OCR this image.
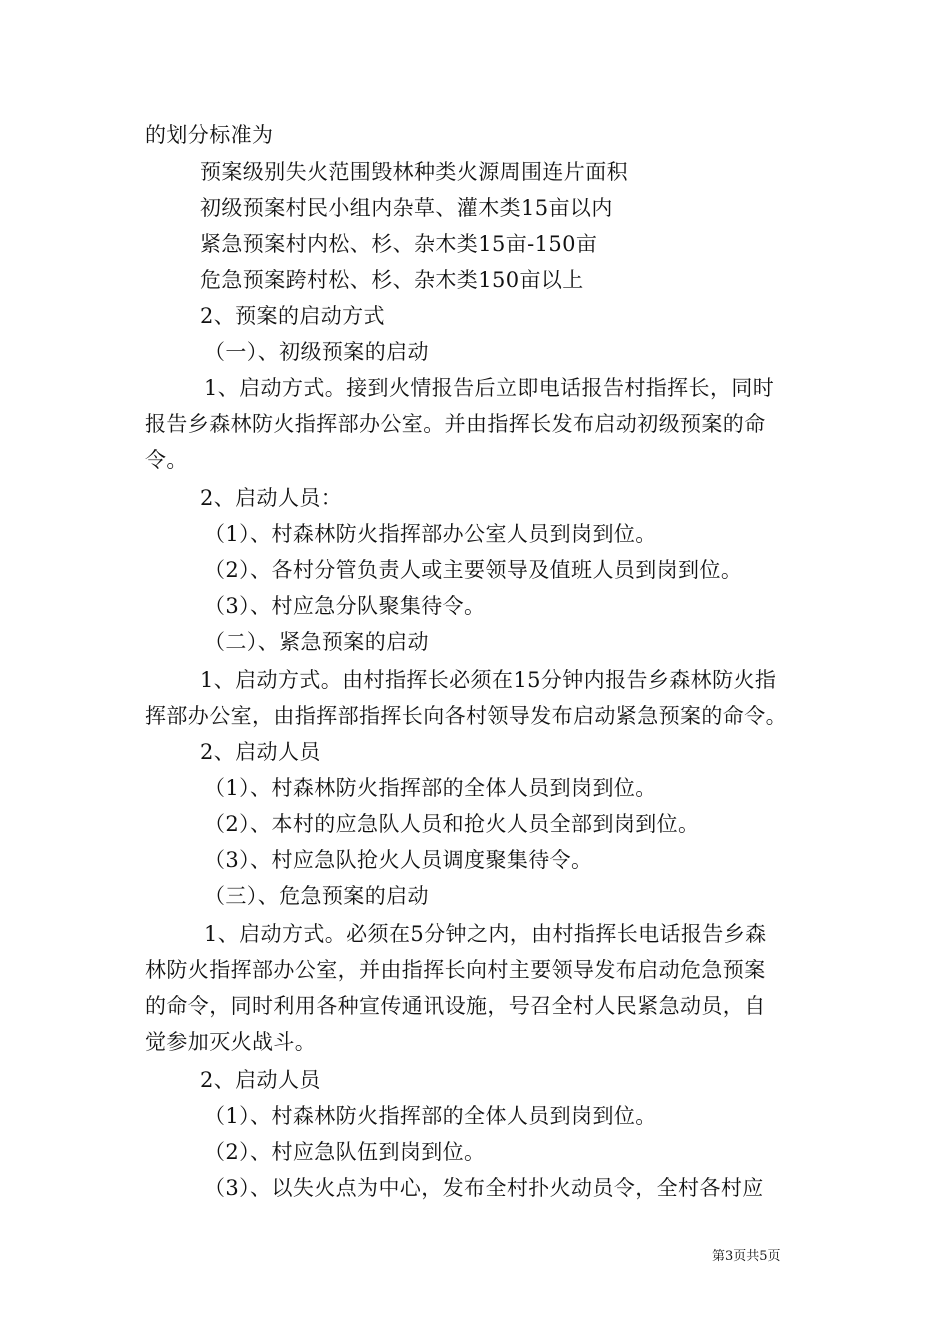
的划分标准为
预案级别失火范围毁林种类火源周围连片面积
初级预案村民小组内杂草、灌木类15亩以内
紧急预案村内松、杉、杂木类15亩-150亩
危急预案跨村松、杉、杂木类150亩以上
2、预案的启动方式
（一）、初级预案的启动
1、启动方式。接到火情报告后立即电话报告村指挥长，同时
报告乡森林防火指挥部办公室。并由指挥长发布启动初级预案的命
令。
2、启动人员：
（1）、村森林防火指挥部办公室人员到岗到位。
（2）、各村分管负责人或主要领导及值班人员到岗到位。
（3）、村应急分队聚集待令。
（二）、紧急预案的启动
1、启动方式。由村指挥长必须在15分钟内报告乡森林防火指
挥部办公室，由指挥部指挥长向各村领导发布启动紧急预案的命令。
2、启动人员
（1）、村森林防火指挥部的全体人员到岗到位。
（2）、本村的应急队人员和抢火人员全部到岗到位。
（3）、村应急队抢火人员调度聚集待令。
（三）、危急预案的启动
1、启动方式。必须在5分钟之内，由村指挥长电话报告乡森
林防火指挥部办公室，并由指挥长向村主要领导发布启动危急预案
的命令，同时利用各种宣传通讯设施，号召全村人民紧急动员，自
觉参加灭火战斗。
2、启动人员
（1）、村森林防火指挥部的全体人员到岗到位。
（2）、村应急队伍到岗到位。
（3）、以失火点为中心，发布全村扑火动员令，全村各村应
第3页共5页
